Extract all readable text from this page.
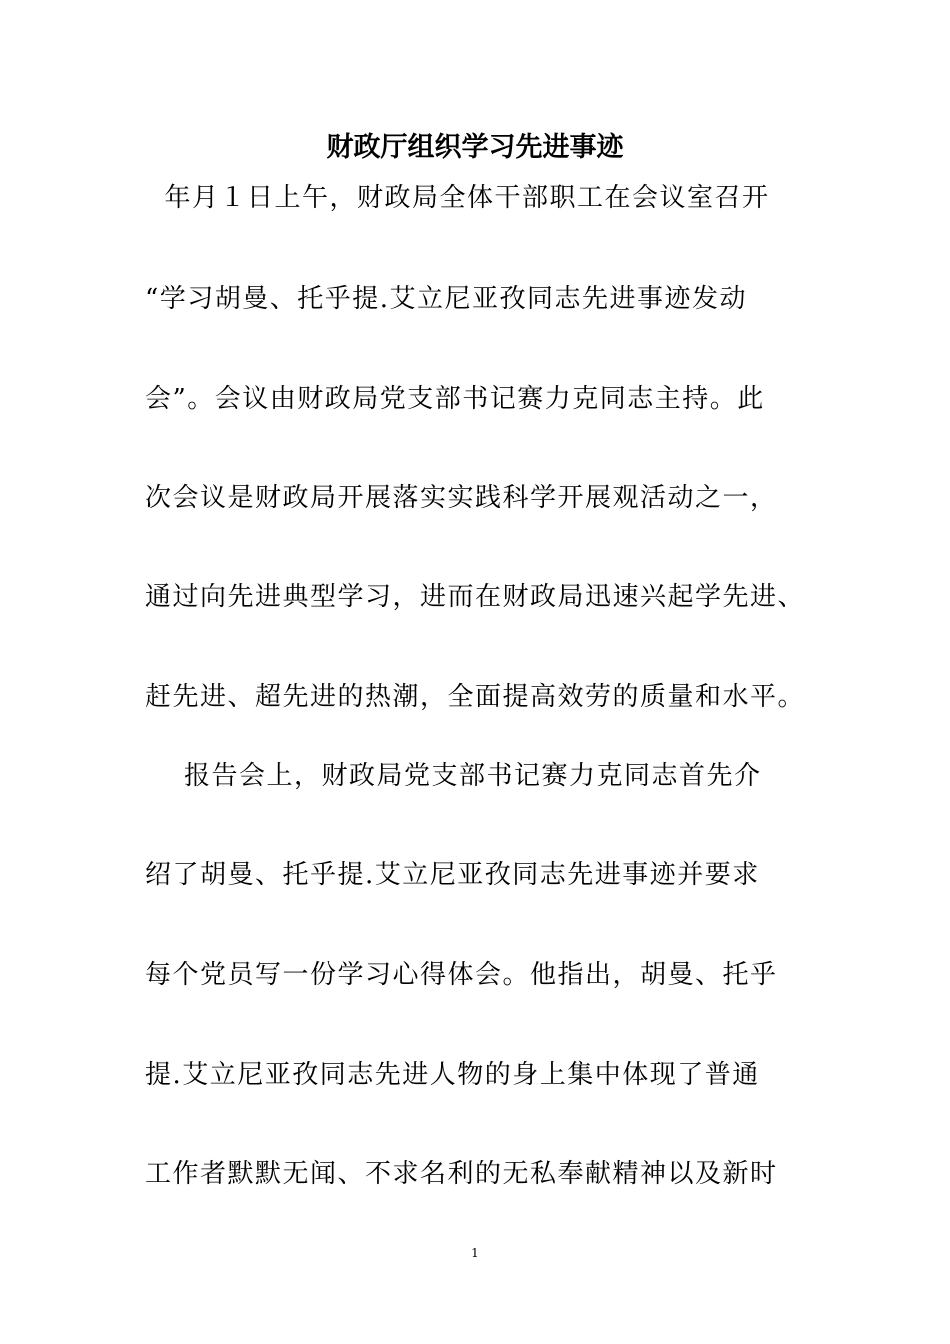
财政厅组织学习先进事迹
年月１日上午，财政局全体干部职工在会议室召开
“学习胡曼、托乎提.艾立尼亚孜同志先进事迹发动
会”。会议由财政局党支部书记赛力克同志主持。此
次会议是财政局开展落实实践科学开展观活动之一，
通过向先进典型学习，进而在财政局迅速兴起学先进、
赶先进、超先进的热潮，全面提高效劳的质量和水平。
报告会上，财政局党支部书记赛力克同志首先介
绍了胡曼、托乎提.艾立尼亚孜同志先进事迹并要求
每个党员写一份学习心得体会。他指出，胡曼、托乎
提.艾立尼亚孜同志先进人物的身上集中体现了普通
工作者默默无闻、不求名利的无私奉献精神以及新时
1
